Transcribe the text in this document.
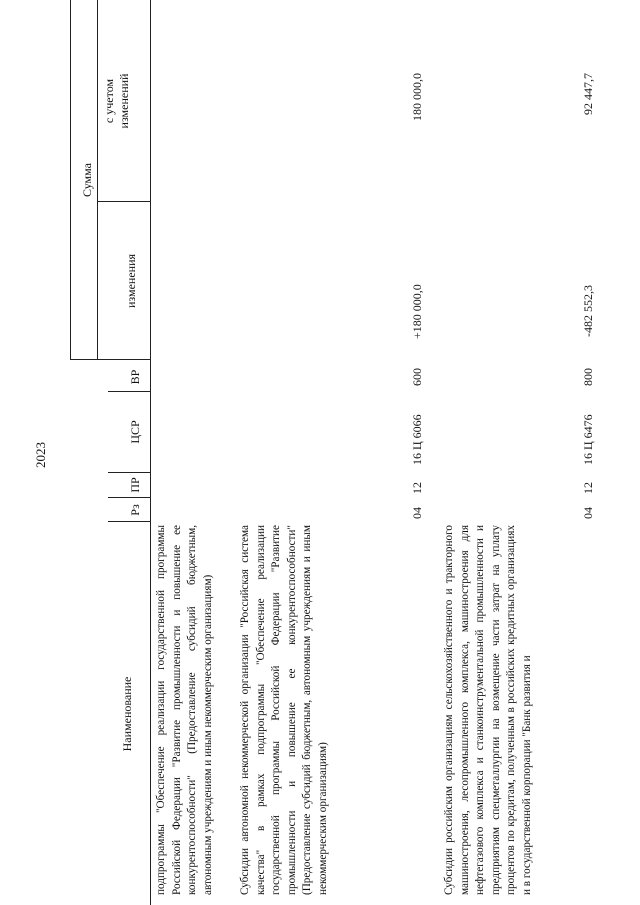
2023
Наименование
Рз
ПР
ЦСР
ВР
Сумма
изменения
с учетом изменений
подпрограммы "Обеспечение реализации государственной программы Российской Федерации "Развитие промышленности и повышение ее конкурентоспособности" (Предоставление субсидий бюджетным, автономным учреждениям и иным некоммерческим организациям) Субсидии автономной некоммерческой организации "Российская система качества" в рамках подпрограммы "Обеспечение реализации государственной программы Российской Федерации "Развитие промышленности и повышение ее конкурентоспособности" (Предоставление субсидий бюджетным, автономным учреждениям и иным некоммерческим организациям)
04
12
16 Ц 6066
600
+180 000,0
180 000,0
Субсидии российским организациям сельскохозяйственного и тракторного машиностроения, лесопромышленного комплекса, машиностроения для нефтегазового комплекса и станкоинструментальной промышленности и предприятиям спецметаллургии на возмещение части затрат на уплату процентов по кредитам, полученным в российских кредитных организациях и в государственной корпорации "Банк развития и
04
12
16 Ц 6476
800
-482 552,3
92 447,7
